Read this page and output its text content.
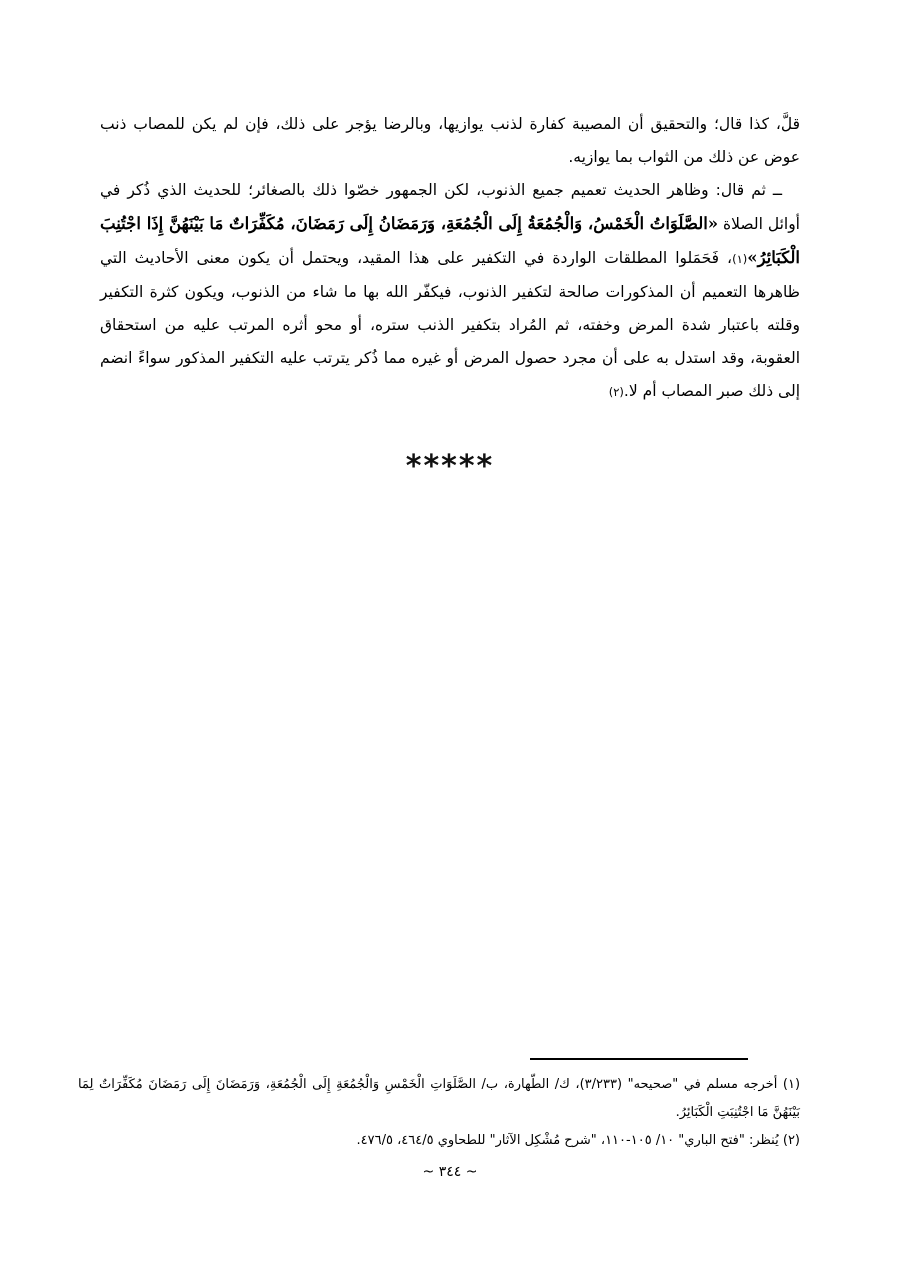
قلَّ، كذا قال؛ والتحقيق أن المصيبة كفارة لذنب يوازيها، وبالرضا يؤجر على ذلك، فإن لم يكن للمصاب ذنب عوض عن ذلك من الثواب بما يوازيه.

ــ ثم قال: وظاهر الحديث تعميم جميع الذنوب، لكن الجمهور خصّوا ذلك بالصغائر؛ للحديث الذي ذُكر في أوائل الصلاة «الصَّلَوَاتُ الْخَمْسُ، وَالْجُمُعَةُ إِلَى الْجُمُعَةِ، وَرَمَضَانُ إِلَى رَمَضَانَ، مُكَفِّرَاتٌ مَا بَيْنَهُنَّ إِذَا اجْتُنِبَ الْكَبَائِرُ»(١)، فَحَمَلوا المطلقات الواردة في التكفير على هذا المقيد، ويحتمل أن يكون معنى الأحاديث التي ظاهرها التعميم أن المذكورات صالحة لتكفير الذنوب، فيكفّر الله بها ما شاء من الذنوب، ويكون كثرة التكفير وقلته باعتبار شدة المرض وخفته، ثم المُراد بتكفير الذنب ستره، أو محو أثره المرتب عليه من استحقاق العقوبة، وقد استدل به على أن مجرد حصول المرض أو غيره مما ذُكر يترتب عليه التكفير المذكور سواءً انضم إلى ذلك صبر المصاب أم لا.(٢)

*****

(١) أخرجه مسلم في "صحيحه" (٣/٢٣٣)، ك/ الطّهارة، ب/ الصَّلَوَاتِ الْخَمْسِ وَالْجُمُعَةِ إِلَى الْجُمُعَةِ، وَرَمَضَانَ إِلَى رَمَضَانَ مُكَفِّرَاتٌ لِمَا بَيْنَهُنَّ مَا اجْتُنِبَتِ الْكَبَائِرُ.

(٢) يُنظر: "فتح الباري" ١٠/ ١٠٥-١١٠، "شرح مُشْكِل الآثار" للطحاوي ٤٦٤/٥، ٤٧٦/٥.

~ ٣٤٤ ~
